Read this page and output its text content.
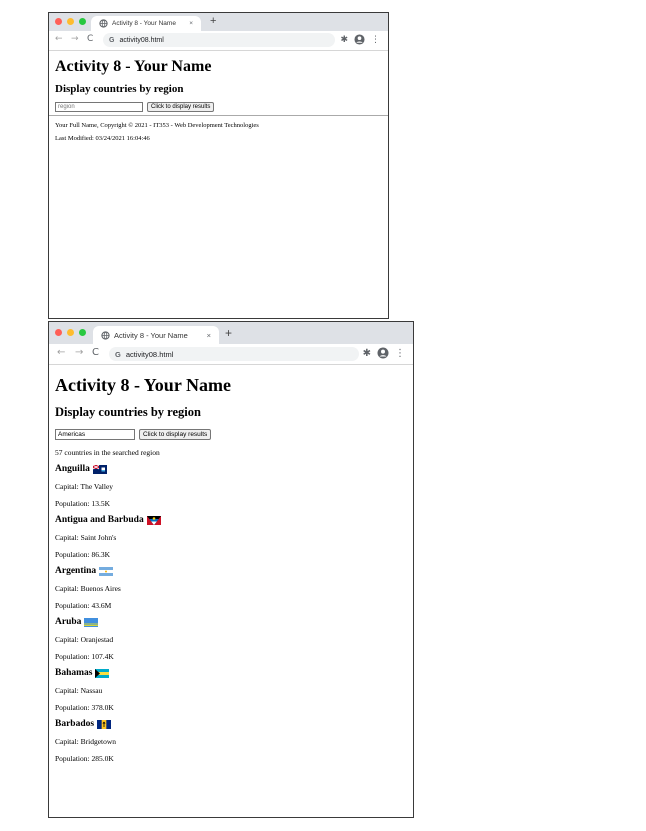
Activity 8 - Your Name × +
← → C G activity08.html	✱	⋮
Activity 8 - Your Name
Display countries by region
region
Click to display results
Your Full Name, Copyright © 2021 - IT353 - Web Development Technologies
Last Modified: 03/24/2021 16:04:46
Activity 8 - Your Name	× +
← → C G activity08.html	✱ ⋮
Activity 8 - Your Name
Display countries by region
Americas
Click to display results
57 countries in the searched region
Anguilla
Capital: The Valley
Population: 13.5K
Antigua and Barbuda
Capital: Saint John's
Population: 86.3K
Argentina
Capital: Buenos Aires
Population: 43.6M
Aruba
Capital: Oranjestad
Population: 107.4K
Bahamas
Capital: Nassau
Population: 378.0K
Barbados
Capital: Bridgetown
Population: 285.0K
